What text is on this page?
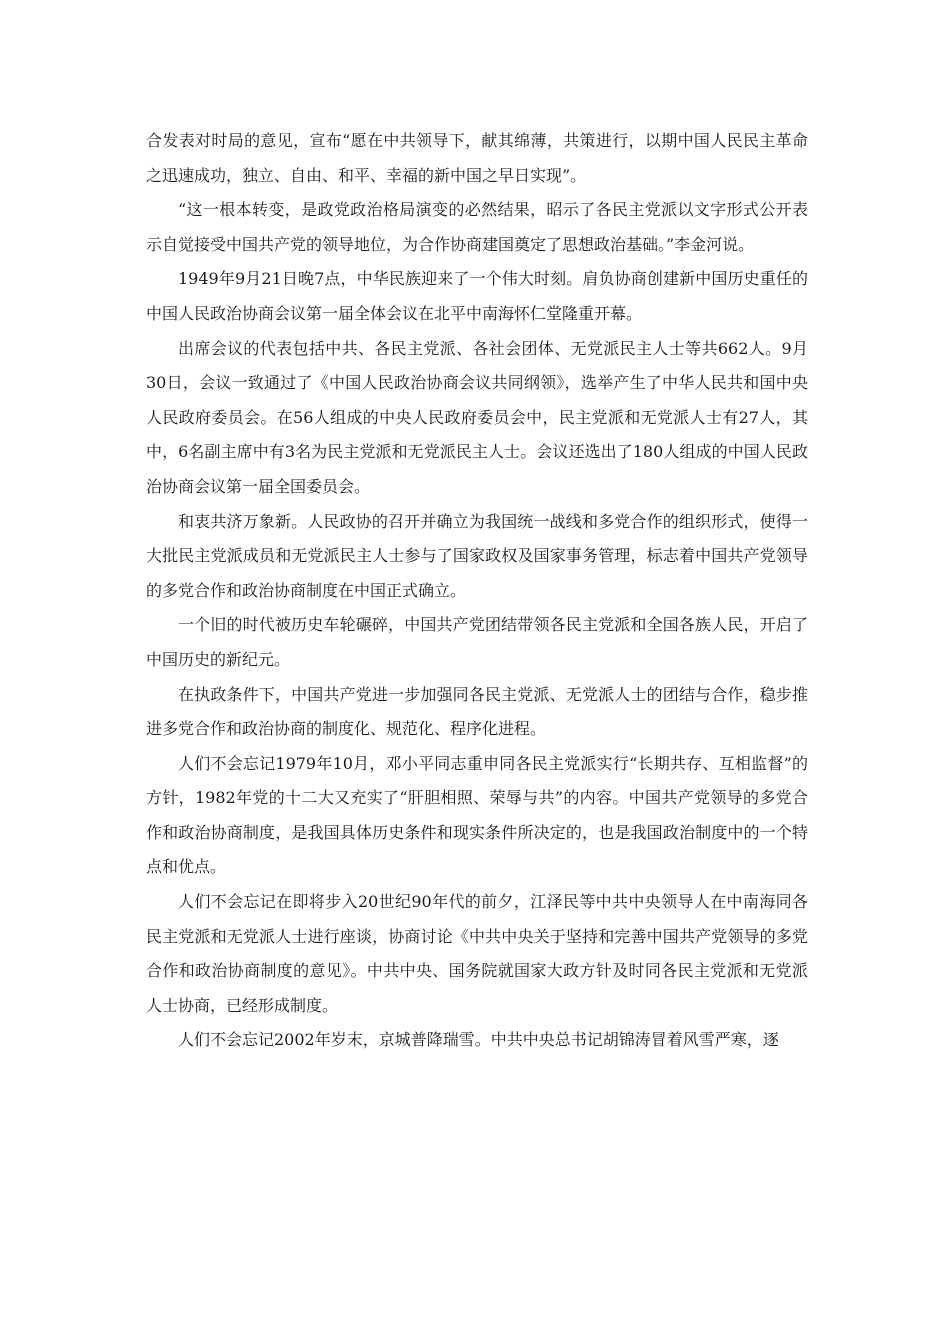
合发表对时局的意见，宣布“愿在中共领导下，献其绵薄，共策进行，以期中国人民民主革命之迅速成功，独立、自由、和平、幸福的新中国之早日实现”。

“这一根本转变，是政党政治格局演变的必然结果，昭示了各民主党派以文字形式公开表示自觉接受中国共产党的领导地位，为合作协商建国奠定了思想政治基础。”李金河说。

1949年9月21日晚7点，中华民族迎来了一个伟大时刻。肩负协商创建新中国历史重任的中国人民政治协商会议第一届全体会议在北平中南海怀仁堂隆重开幕。

出席会议的代表包括中共、各民主党派、各社会团体、无党派民主人士等共662人。9月30日，会议一致通过了《中国人民政治协商会议共同纲领》，选举产生了中华人民共和国中央人民政府委员会。在56人组成的中央人民政府委员会中，民主党派和无党派人士有27人，其中，6名副主席中有3名为民主党派和无党派民主人士。会议还选出了180人组成的中国人民政治协商会议第一届全国委员会。

和衷共济万象新。人民政协的召开并确立为我国统一战线和多党合作的组织形式，使得一大批民主党派成员和无党派民主人士参与了国家政权及国家事务管理，标志着中国共产党领导的多党合作和政治协商制度在中国正式确立。

一个旧的时代被历史车轮碾碎，中国共产党团结带领各民主党派和全国各族人民，开启了中国历史的新纪元。

在执政条件下，中国共产党进一步加强同各民主党派、无党派人士的团结与合作，稳步推进多党合作和政治协商的制度化、规范化、程序化进程。

人们不会忘记1979年10月，邓小平同志重申同各民主党派实行“长期共存、互相监督”的方针，1982年党的十二大又充实了“肝胆相照、荣辱与共”的内容。中国共产党领导的多党合作和政治协商制度，是我国具体历史条件和现实条件所决定的，也是我国政治制度中的一个特点和优点。

人们不会忘记在即将步入20世纪90年代的前夕，江泽民等中共中央领导人在中南海同各民主党派和无党派人士进行座谈，协商讨论《中共中央关于坚持和完善中国共产党领导的多党合作和政治协商制度的意见》。中共中央、国务院就国家大政方针及时同各民主党派和无党派人士协商，已经形成制度。

人们不会忘记2002年岁末，京城普降瑞雪。中共中央总书记胡锦涛冒着风雪严寒，逐
